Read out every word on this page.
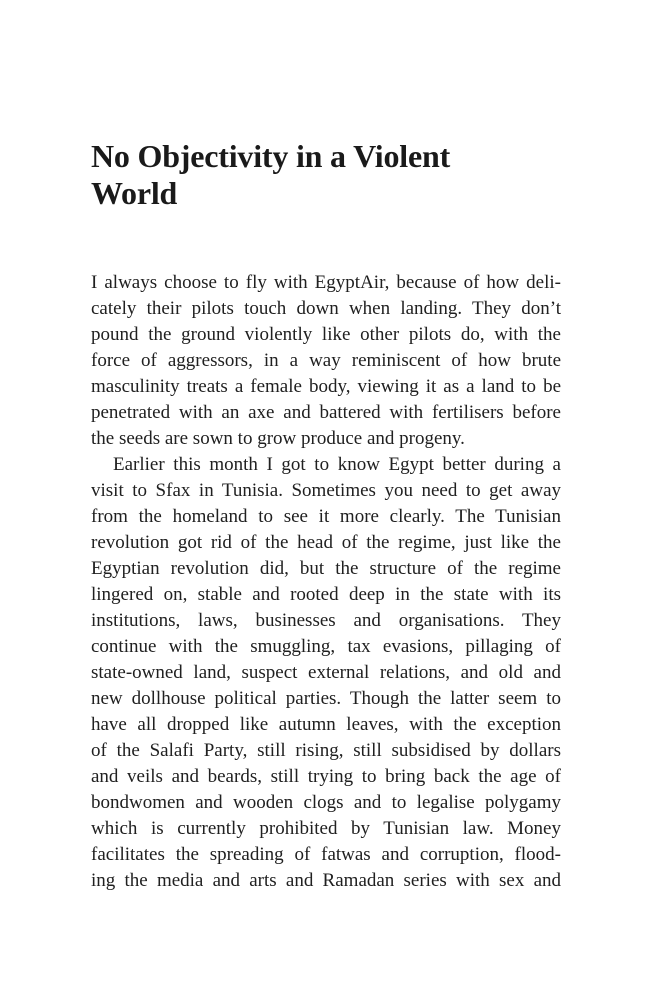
No Objectivity in a Violent
World
I always choose to fly with EgyptAir, because of how deli-
cately their pilots touch down when landing. They don’t
pound the ground violently like other pilots do, with the
force of aggressors, in a way reminiscent of how brute
masculinity treats a female body, viewing it as a land to be
penetrated with an axe and battered with fertilisers before
the seeds are sown to grow produce and progeny.
Earlier this month I got to know Egypt better during a
visit to Sfax in Tunisia. Sometimes you need to get away
from the homeland to see it more clearly. The Tunisian
revolution got rid of the head of the regime, just like the
Egyptian revolution did, but the structure of the regime
lingered on, stable and rooted deep in the state with its
institutions, laws, businesses and organisations. They
continue with the smuggling, tax evasions, pillaging of
state-owned land, suspect external relations, and old and
new dollhouse political parties. Though the latter seem to
have all dropped like autumn leaves, with the exception
of the Salafi Party, still rising, still subsidised by dollars
and veils and beards, still trying to bring back the age of
bondwomen and wooden clogs and to legalise polygamy
which is currently prohibited by Tunisian law. Money
facilitates the spreading of fatwas and corruption, flood-
ing the media and arts and Ramadan series with sex and
